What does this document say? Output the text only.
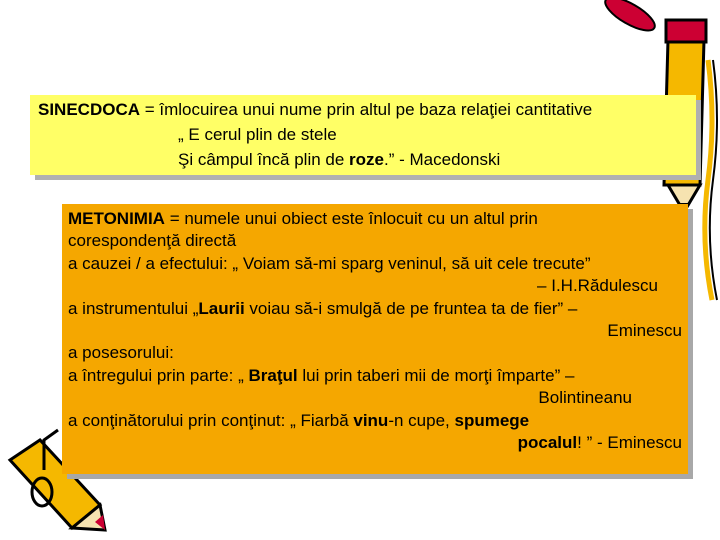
SINECDOCA = îmlocuirea unui nume prin altul pe baza relaţiei cantitative
„ E cerul plin de stele
Şi câmpul încă plin de roze.” - Macedonski
METONIMIA = numele unui obiect este înlocuit cu un altul prin
corespondenţă directă
a cauzei / a efectului: „ Voiam să-mi sparg veninul, să uit cele trecute”
– I.H.Rădulescu
a instrumentului „Laurii voiau să-i smulgă de pe fruntea ta de fier” –
Eminescu
a posesorului:
a întregului prin parte: „ Braţul lui prin taberi mii de morţi împarte” –
Bolintineanu
a conţinătorului prin conţinut: „ Fiarbă vinu-n cupe, spumege
pocalul! ” - Eminescu
